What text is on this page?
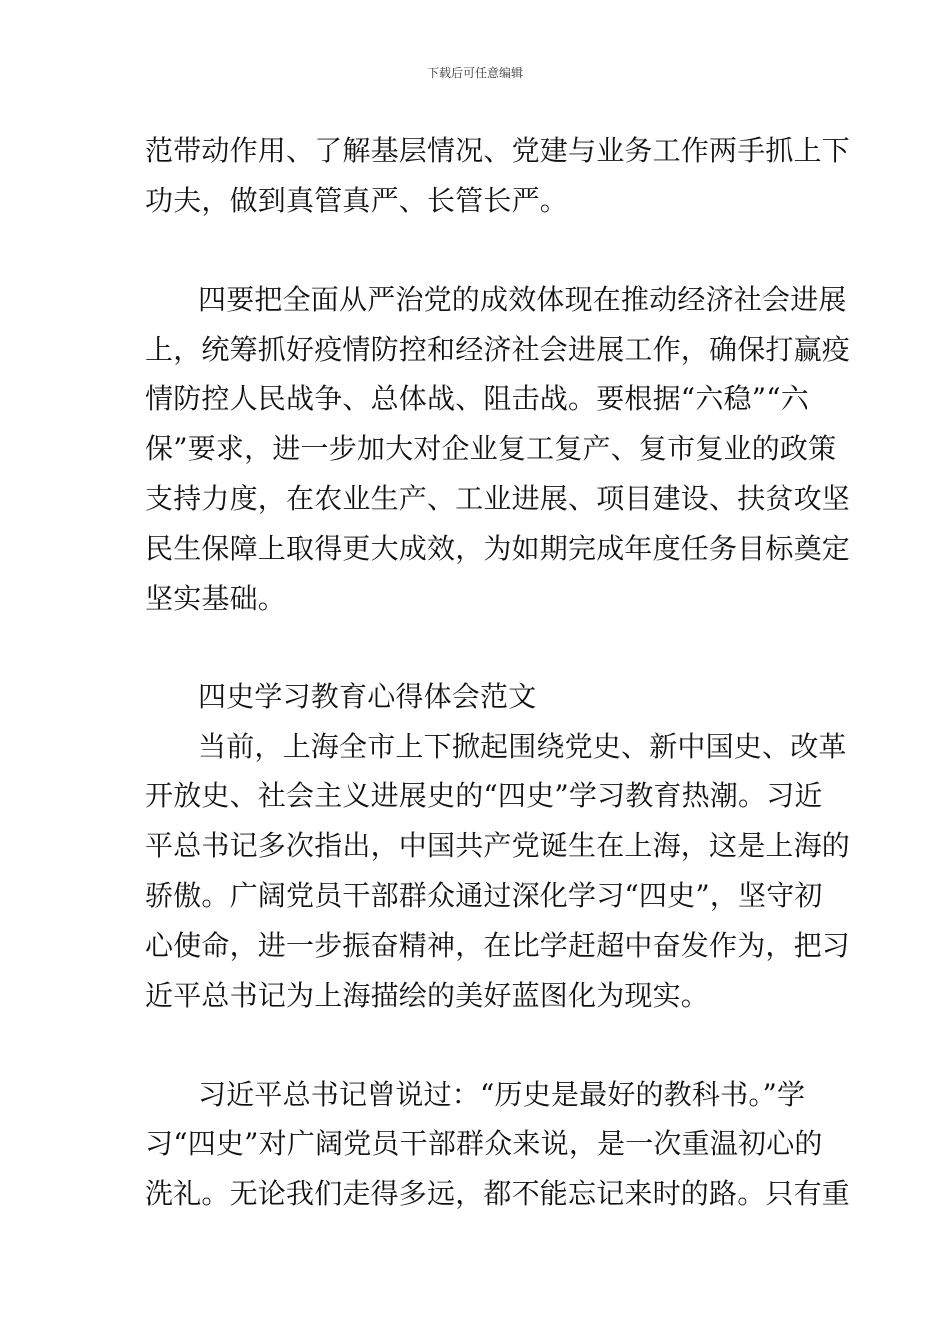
下载后可任意编辑
范带动作用、了解基层情况、党建与业务工作两手抓上下
功夫，做到真管真严、长管长严。
四要把全面从严治党的成效体现在推动经济社会进展
上，统筹抓好疫情防控和经济社会进展工作，确保打赢疫
情防控人民战争、总体战、阻击战。要根据“六稳”“六
保”要求，进一步加大对企业复工复产、复市复业的政策
支持力度，在农业生产、工业进展、项目建设、扶贫攻坚
民生保障上取得更大成效，为如期完成年度任务目标奠定
坚实基础。
四史学习教育心得体会范文
当前，上海全市上下掀起围绕党史、新中国史、改革
开放史、社会主义进展史的“四史”学习教育热潮。习近
平总书记多次指出，中国共产党诞生在上海，这是上海的
骄傲。广阔党员干部群众通过深化学习“四史”，坚守初
心使命，进一步振奋精神，在比学赶超中奋发作为，把习
近平总书记为上海描绘的美好蓝图化为现实。
习近平总书记曾说过：“历史是最好的教科书。”学
习“四史”对广阔党员干部群众来说，是一次重温初心的
洗礼。无论我们走得多远，都不能忘记来时的路。只有重
